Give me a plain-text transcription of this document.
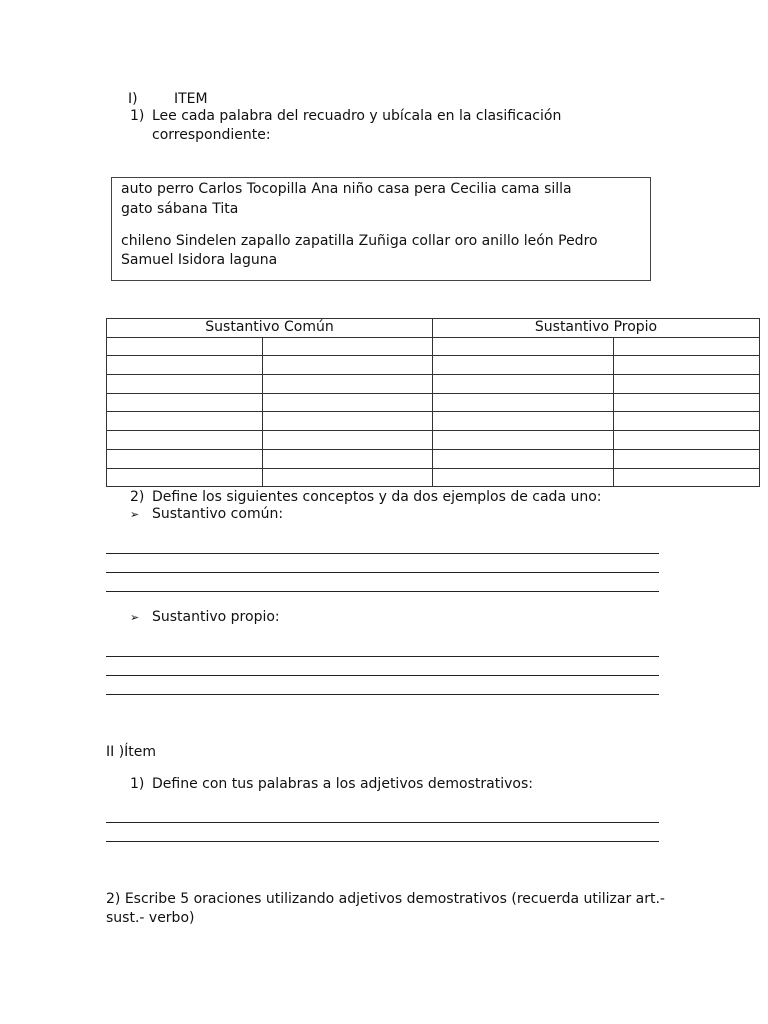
I)	ITEM
1) Lee cada palabra del recuadro y ubícala en la clasificación
correspondiente:
auto perro Carlos Tocopilla Ana niño casa pera Cecilia cama silla
gato sábana Tita
chileno Sindelen zapallo zapatilla Zuñiga collar oro anillo león Pedro
Samuel Isidora laguna
Sustantivo Común		Sustantivo Propio	

2) Define los siguientes conceptos y da dos ejemplos de cada uno:
➢ Sustantivo común:
➢ Sustantivo propio:
II )Ítem
1) Define con tus palabras a los adjetivos demostrativos:
2) Escribe 5 oraciones utilizando adjetivos demostrativos (recuerda utilizar art.-
sust.- verbo)
